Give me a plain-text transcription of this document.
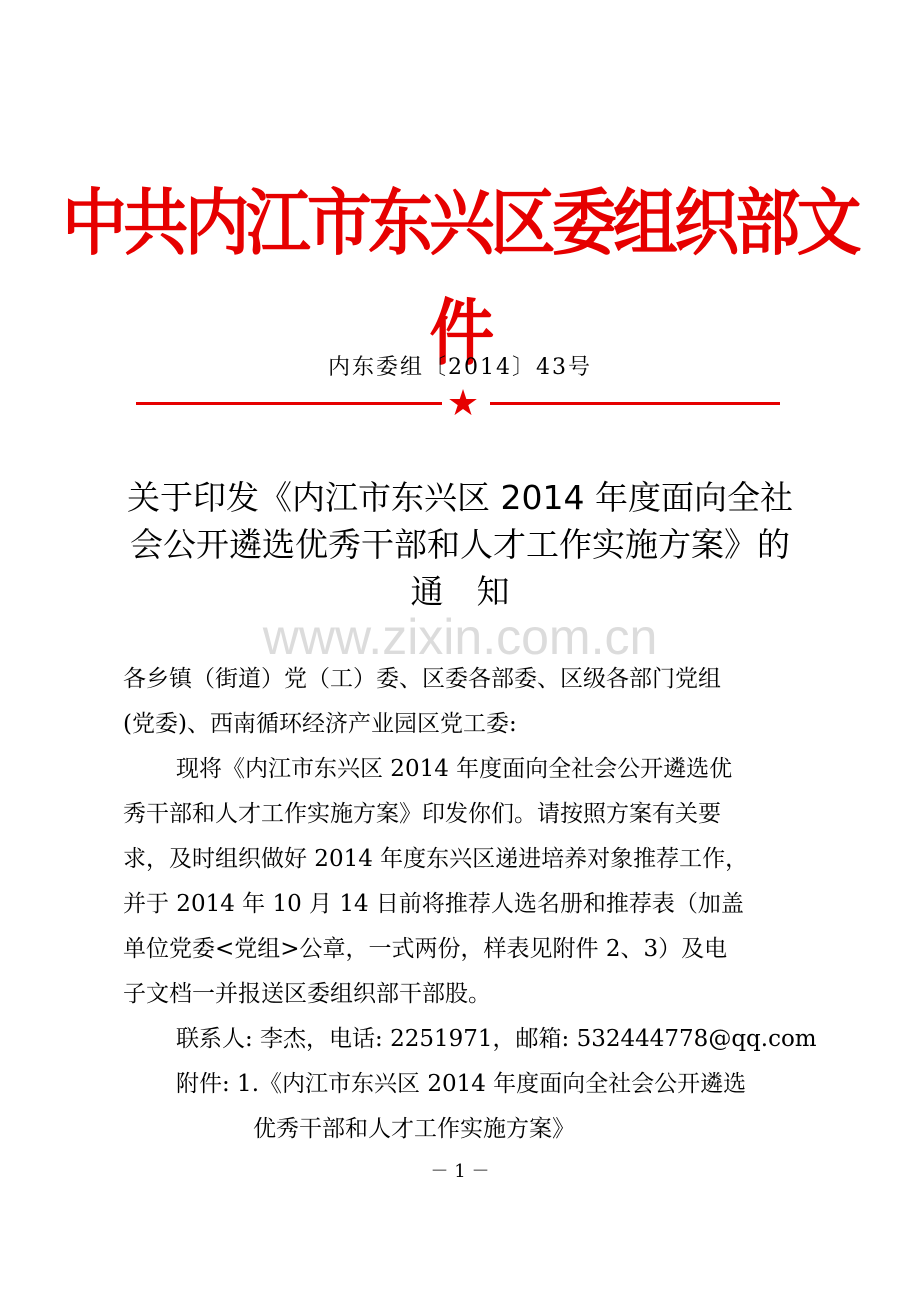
中共内江市东兴区委组织部文件
内东委组〔2014〕43号
★
关于印发《内江市东兴区 2014 年度面向全社
会公开遴选优秀干部和人才工作实施方案》的
通　知
www.zixin.com.cn
各乡镇（街道）党（工）委、区委各部委、区级各部门党组
(党委)、西南循环经济产业园区党工委:
现将《内江市东兴区 2014 年度面向全社会公开遴选优
秀干部和人才工作实施方案》印发你们。请按照方案有关要
求，及时组织做好 2014 年度东兴区递进培养对象推荐工作，
并于 2014 年 10 月 14 日前将推荐人选名册和推荐表（加盖
单位党委<党组>公章，一式两份，样表见附件 2、3）及电
子文档一并报送区委组织部干部股。
联系人: 李杰，电话: 2251971，邮箱: 532444778@qq.com
附件: 1.《内江市东兴区 2014 年度面向全社会公开遴选
优秀干部和人才工作实施方案》
－ 1 －
